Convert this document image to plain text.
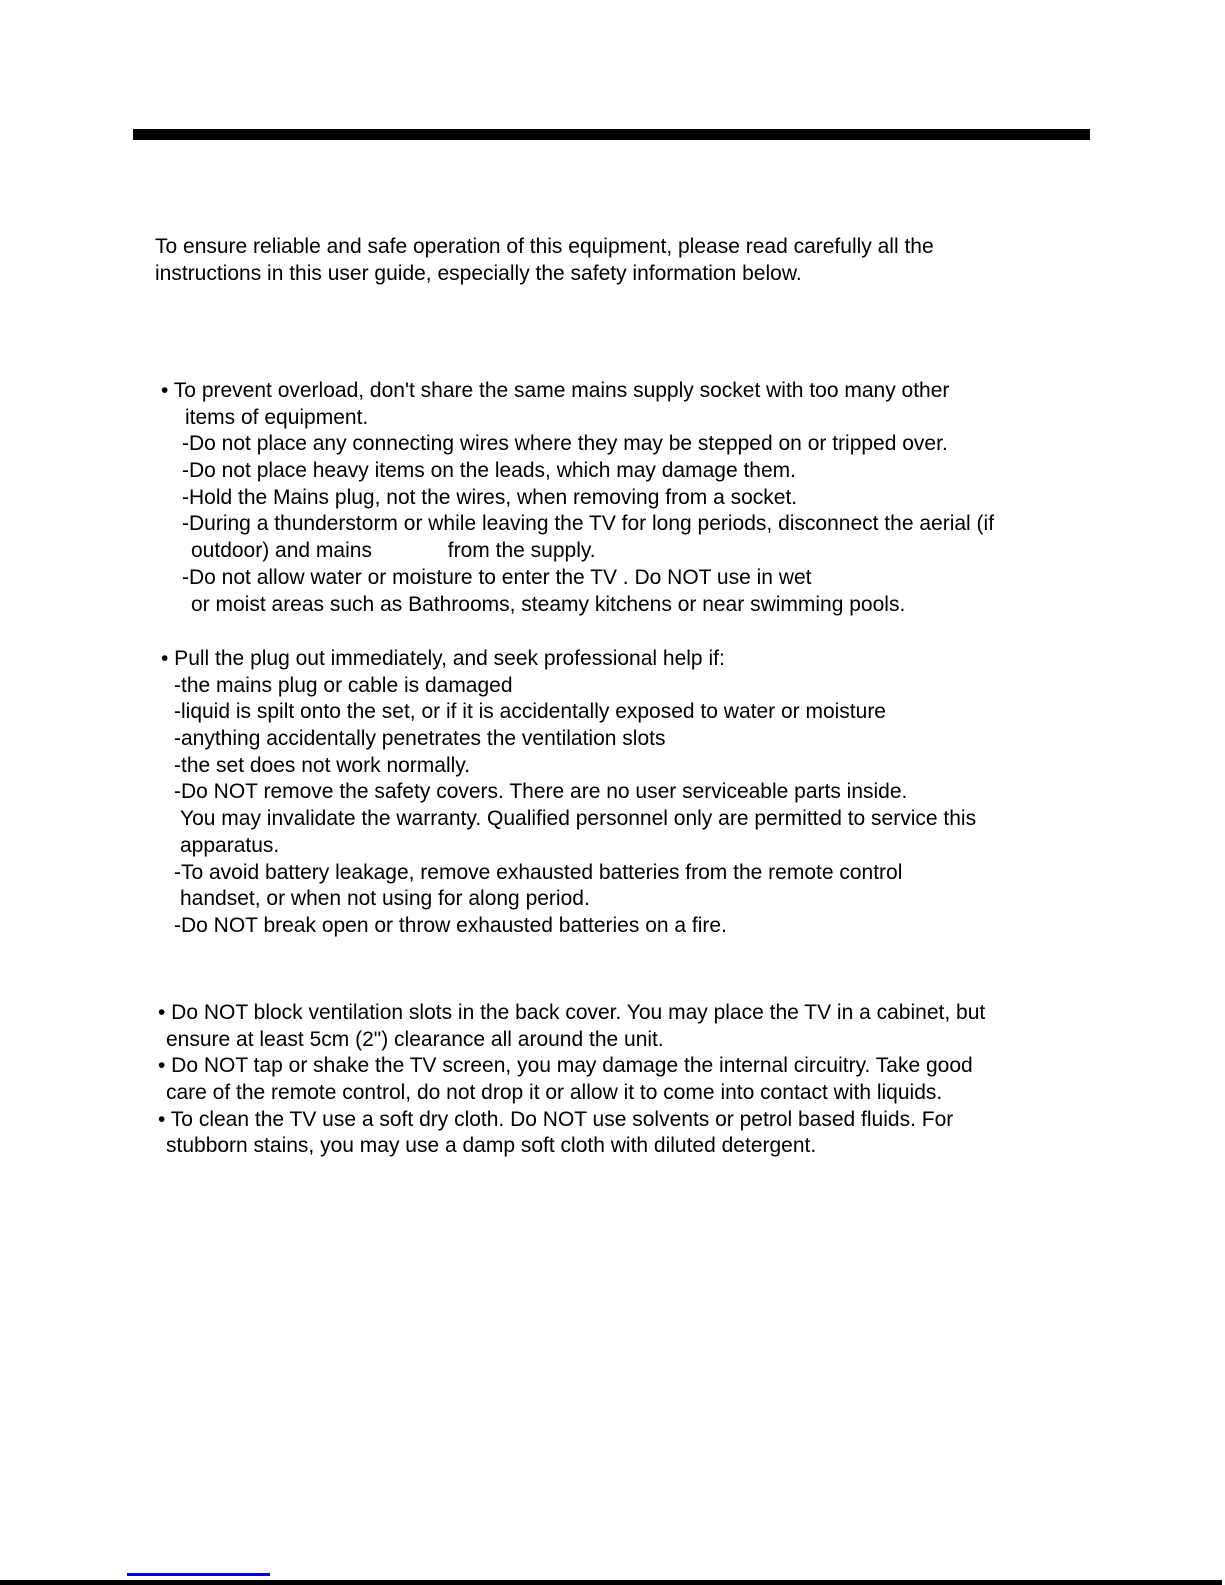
To ensure reliable and safe operation of this equipment, please read carefully all the
instructions in this user guide, especially the safety information below.
• To prevent overload, don't share the same mains supply socket with too many other
items of equipment.
-Do not place any connecting wires where they may be stepped on or tripped over.
-Do not place heavy items on the leads, which may damage them.
-Hold the Mains plug, not the wires, when removing from a socket.
-During a thunderstorm or while leaving the TV for long periods, disconnect the aerial (if
outdoor) and mains             from the supply.
-Do not allow water or moisture to enter the TV . Do NOT use in wet
or moist areas such as Bathrooms, steamy kitchens or near swimming pools.
• Pull the plug out immediately, and seek professional help if:
-the mains plug or cable is damaged
-liquid is spilt onto the set, or if it is accidentally exposed to water or moisture
-anything accidentally penetrates the ventilation slots
-the set does not work normally.
-Do NOT remove the safety covers. There are no user serviceable parts inside.
You may invalidate the warranty. Qualified personnel only are permitted to service this
apparatus.
-To avoid battery leakage, remove exhausted batteries from the remote control
handset, or when not using for along period.
-Do NOT break open or throw exhausted batteries on a fire.
• Do NOT block ventilation slots in the back cover. You may place the TV in a cabinet, but
ensure at least 5cm (2") clearance all around the unit.
• Do NOT tap or shake the TV screen, you may damage the internal circuitry. Take good
care of the remote control, do not drop it or allow it to come into contact with liquids.
• To clean the TV use a soft dry cloth. Do NOT use solvents or petrol based fluids. For
stubborn stains, you may use a damp soft cloth with diluted detergent.
